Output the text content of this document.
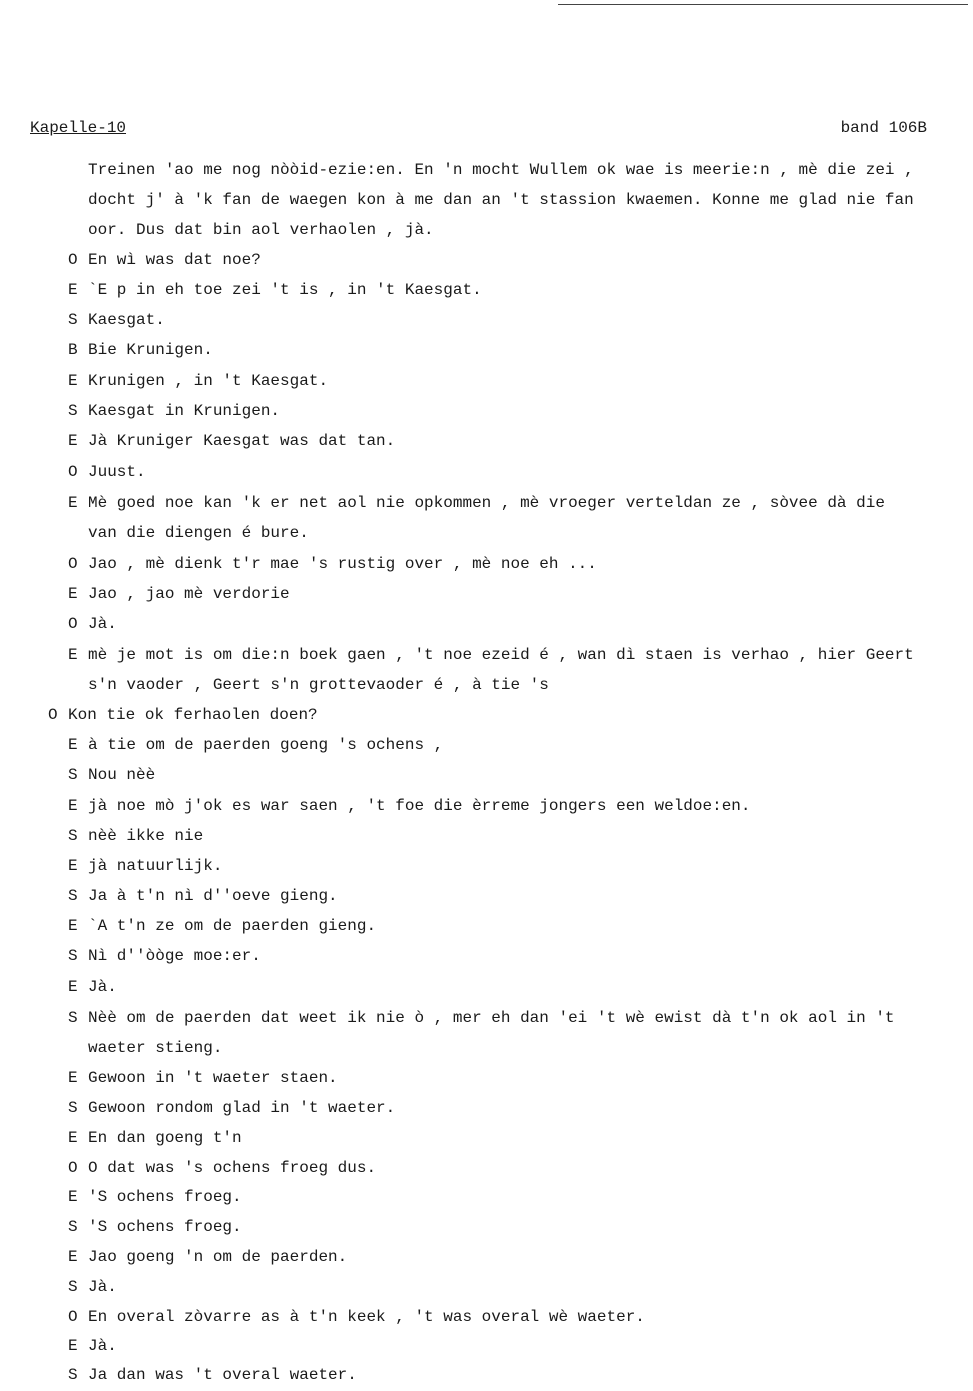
Kapelle-10	band 106B
Treinen 'ao me nog nòòid-ezie:en. En 'n mocht Wullem ok wae is meerie:n , mè die zei ,
docht j' à 'k fan de waegen kon à me dan an 't stassion kwaemen. Konne me glad nie fan
oor. Dus dat bin aol verhaolen , jà.
O En wì was dat noe?
E `E p in eh toe zei 't is , in 't Kaesgat.
S Kaesgat.
B Bie Krunigen.
E Krunigen , in 't Kaesgat.
S Kaesgat in Krunigen.
E Jà Kruniger Kaesgat was dat tan.
O Juust.
E Mè goed noe kan 'k er net aol nie opkommen , mè vroeger verteldan ze , sòvee dà die
van die diengen é bure.
O Jao , mè dienk t'r mae 's rustig over , mè noe eh ...
E Jao , jao mè verdorie
O Jà.
E mè je mot is om die:n boek gaen , 't noe ezeid é , wan dì staen is verhao , hier Geert
s'n vaoder , Geert s'n grottevaoder é , à tie 's
O Kon tie ok ferhaolen doen?
E à tie om de paerden goeng 's ochens ,
S Nou nèè
E jà noe mò j'ok es war saen , 't foe die èrreme jongers een weldoe:en.
S nèè ikke nie
E jà natuurlijk.
S Ja à t'n nì d''oeve gieng.
E `A t'n ze om de paerden gieng.
S Nì d''òòge moe:er.
E Jà.
S Nèè om de paerden dat weet ik nie ò , mer eh dan 'ei 't wè ewist dà t'n ok aol in 't
waeter stieng.
E Gewoon in 't waeter staen.
S Gewoon rondom glad in 't waeter.
E En dan goeng t'n
O O dat was 's ochens froeg dus.
E 'S ochens froeg.
S 'S ochens froeg.
E Jao goeng 'n om de paerden.
S Jà.
O En overal zòvarre as à t'n keek , 't was overal wè waeter.
E Jà.
S Ja dan was 't overal waeter.
